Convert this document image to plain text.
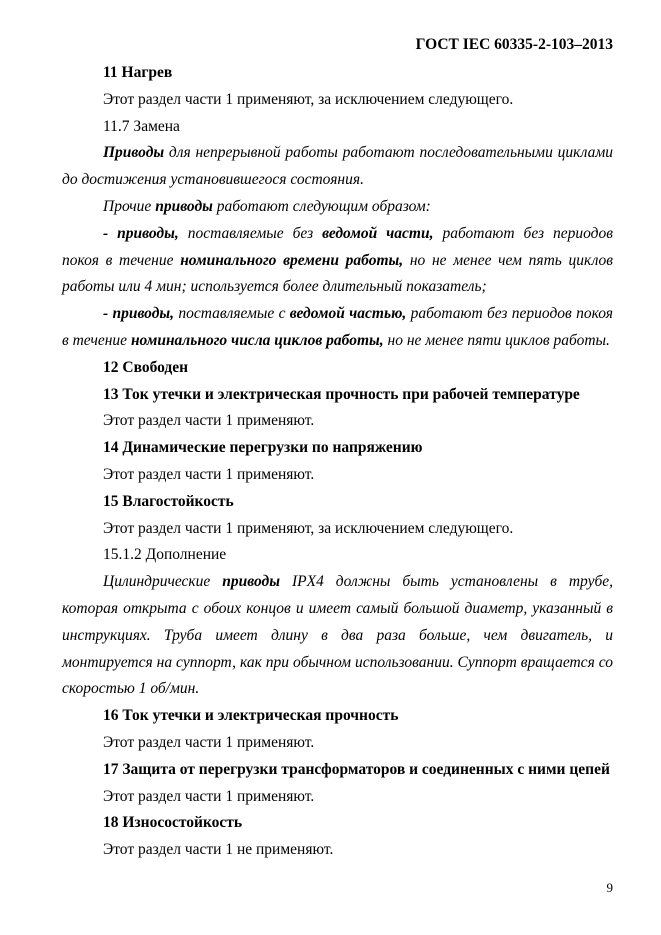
ГОСТ IEC 60335-2-103–2013

11 Нагрев

Этот раздел части 1 применяют, за исключением следующего.

11.7 Замена

Приводы для непрерывной работы работают последовательными циклами до достижения установившегося состояния.

Прочие приводы работают следующим образом:

- приводы, поставляемые без ведомой части, работают без периодов покоя в течение номинального времени работы, но не менее чем пять циклов работы или 4 мин; используется более длительный показатель;

- приводы, поставляемые с ведомой частью, работают без периодов покоя в течение номинального числа циклов работы, но не менее пяти циклов работы.

12 Свободен

13 Ток утечки и электрическая прочность при рабочей температуре

Этот раздел части 1 применяют.

14 Динамические перегрузки по напряжению

Этот раздел части 1 применяют.

15 Влагостойкость

Этот раздел части 1 применяют, за исключением следующего.

15.1.2 Дополнение

Цилиндрические приводы IPX4 должны быть установлены в трубе, которая открыта с обоих концов и имеет самый большой диаметр, указанный в инструкциях. Труба имеет длину в два раза больше, чем двигатель, и монтируется на суппорт, как при обычном использовании. Суппорт вращается со скоростью 1 об/мин.

16 Ток утечки и электрическая прочность

Этот раздел части 1 применяют.

17 Защита от перегрузки трансформаторов и соединенных с ними цепей

Этот раздел части 1 применяют.

18 Износостойкость

Этот раздел части 1 не применяют.

9
